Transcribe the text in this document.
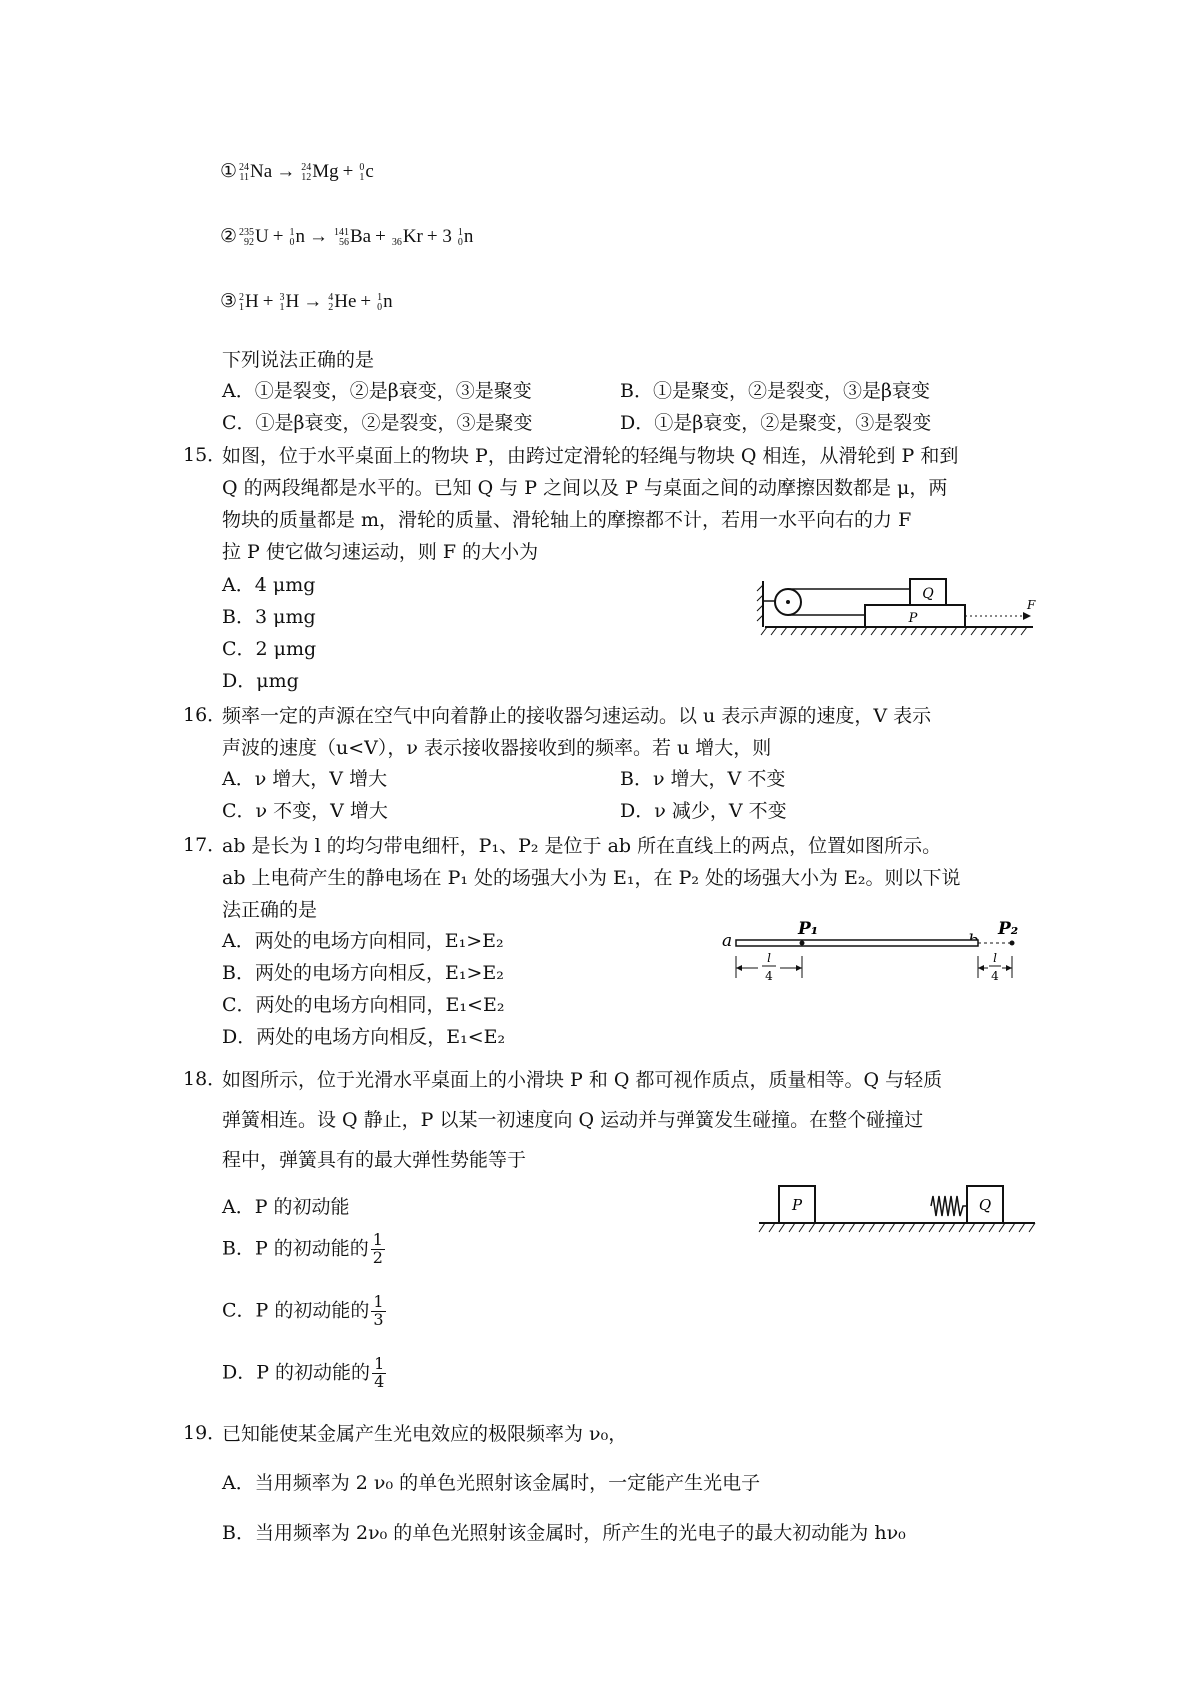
① 24
11 Na → 24
12 Mg + 0
1 c
② 235
92 U + 1
0 n → 141
56 Ba +
36 Kr + 3 1
0 n
③ 2
1 H + 3
1 H → 4
2 He + 1
0 n
下列说法正确的是
A．①是裂变，②是β衰变，③是聚变	B．①是聚变，②是裂变，③是β衰变
C．①是β衰变，②是裂变，③是聚变	D．①是β衰变，②是聚变，③是裂变
15．
如图，位于水平桌面上的物块 P，由跨过定滑轮的轻绳与物块 Q 相连，从滑轮到 P 和到
Q 的两段绳都是水平的。已知 Q 与 P 之间以及 P 与桌面之间的动摩擦因数都是 μ，两
物块的质量都是 m，滑轮的质量、滑轮轴上的摩擦都不计，若用一水平向右的力 F
拉 P 使它做匀速运动，则 F 的大小为
A．4 μmg
B．3 μmg
C．2 μmg
D．μmg
Q
P
F
16．
频率一定的声源在空气中向着静止的接收器匀速运动。以 u 表示声源的速度，V 表示
声波的速度（u<V），ν 表示接收器接收到的频率。若 u 增大，则
A．ν 增大，V 增大	B．ν 增大，V 不变
C．ν 不变，V 增大	D．ν 减少，V 不变
17．
ab 是长为 l 的均匀带电细杆，P₁、P₂ 是位于 ab 所在直线上的两点，位置如图所示。
ab 上电荷产生的静电场在 P₁ 处的场强大小为 E₁，在 P₂ 处的场强大小为 E₂。则以下说
法正确的是
A．两处的电场方向相同，E₁>E₂
B．两处的电场方向相反，E₁>E₂
C．两处的电场方向相同，E₁<E₂
D．两处的电场方向相反，E₁<E₂
a
P₁	P₂
l
4
l
4
18．
如图所示，位于光滑水平桌面上的小滑块 P 和 Q 都可视作质点，质量相等。Q 与轻质
弹簧相连。设 Q 静止，P 以某一初速度向 Q 运动并与弹簧发生碰撞。在整个碰撞过
程中，弹簧具有的最大弹性势能等于
A．P 的初动能
B．P 的初动能的 $\frac{1}{2}$
C．P 的初动能的 $\frac{1}{3}$
D．P 的初动能的 $\frac{1}{4}$
P	Q
19．
已知能使某金属产生光电效应的极限频率为 ν₀，
A．当用频率为 2 ν₀ 的单色光照射该金属时，一定能产生光电子
B．当用频率为 2ν₀ 的单色光照射该金属时，所产生的光电子的最大初动能为 hν₀
